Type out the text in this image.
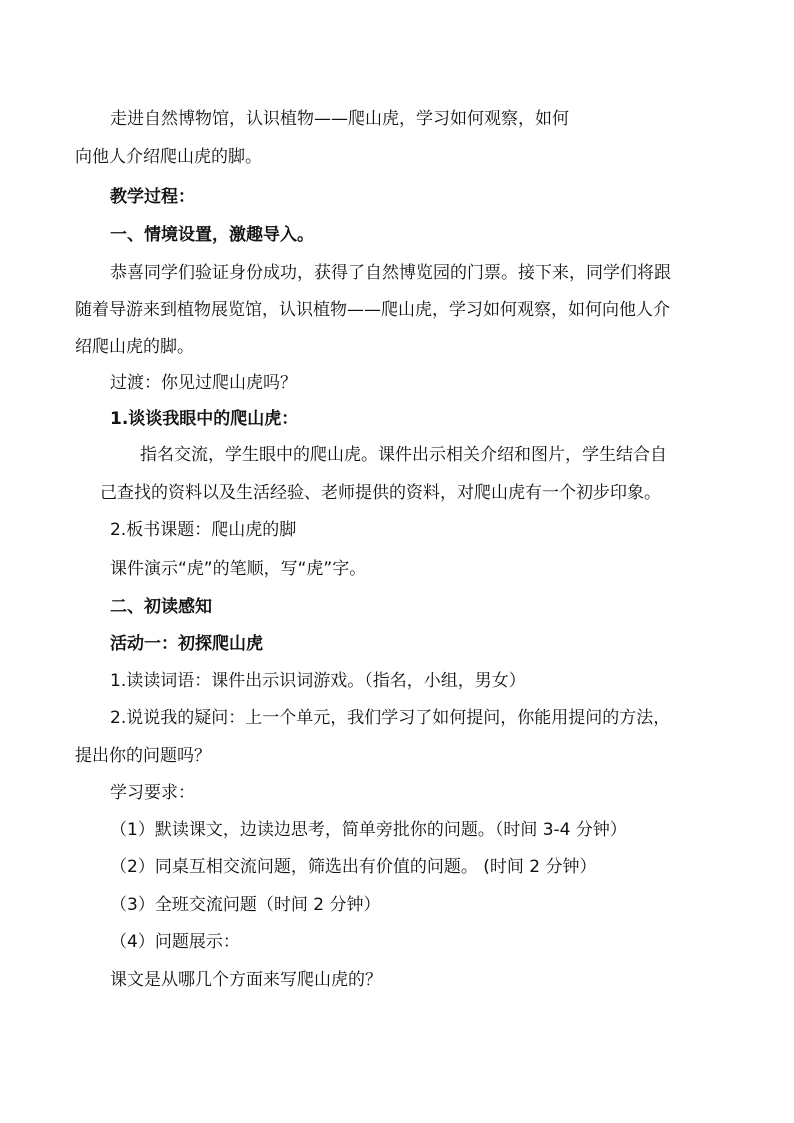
走进自然博物馆，认识植物——爬山虎，学习如何观察，如何
向他人介绍爬山虎的脚。
教学过程：
一、情境设置，激趣导入。
恭喜同学们验证身份成功，获得了自然博览园的门票。接下来，同学们将跟
随着导游来到植物展览馆，认识植物——爬山虎，学习如何观察，如何向他人介
绍爬山虎的脚。
过渡：你见过爬山虎吗？
1.谈谈我眼中的爬山虎：
指名交流，学生眼中的爬山虎。课件出示相关介绍和图片，学生结合自
己查找的资料以及生活经验、老师提供的资料，对爬山虎有一个初步印象。
2.板书课题：爬山虎的脚
课件演示“虎”的笔顺，写“虎”字。
二、初读感知
活动一：初探爬山虎
1.读读词语：课件出示识词游戏。（指名，小组，男女）
2.说说我的疑问：上一个单元，我们学习了如何提问，你能用提问的方法，
提出你的问题吗？
学习要求：
（1）默读课文，边读边思考，简单旁批你的问题。（时间 3-4 分钟）
（2）同桌互相交流问题，筛选出有价值的问题。 (时间 2 分钟）
（3）全班交流问题（时间 2 分钟）
（4）问题展示：
课文是从哪几个方面来写爬山虎的？
